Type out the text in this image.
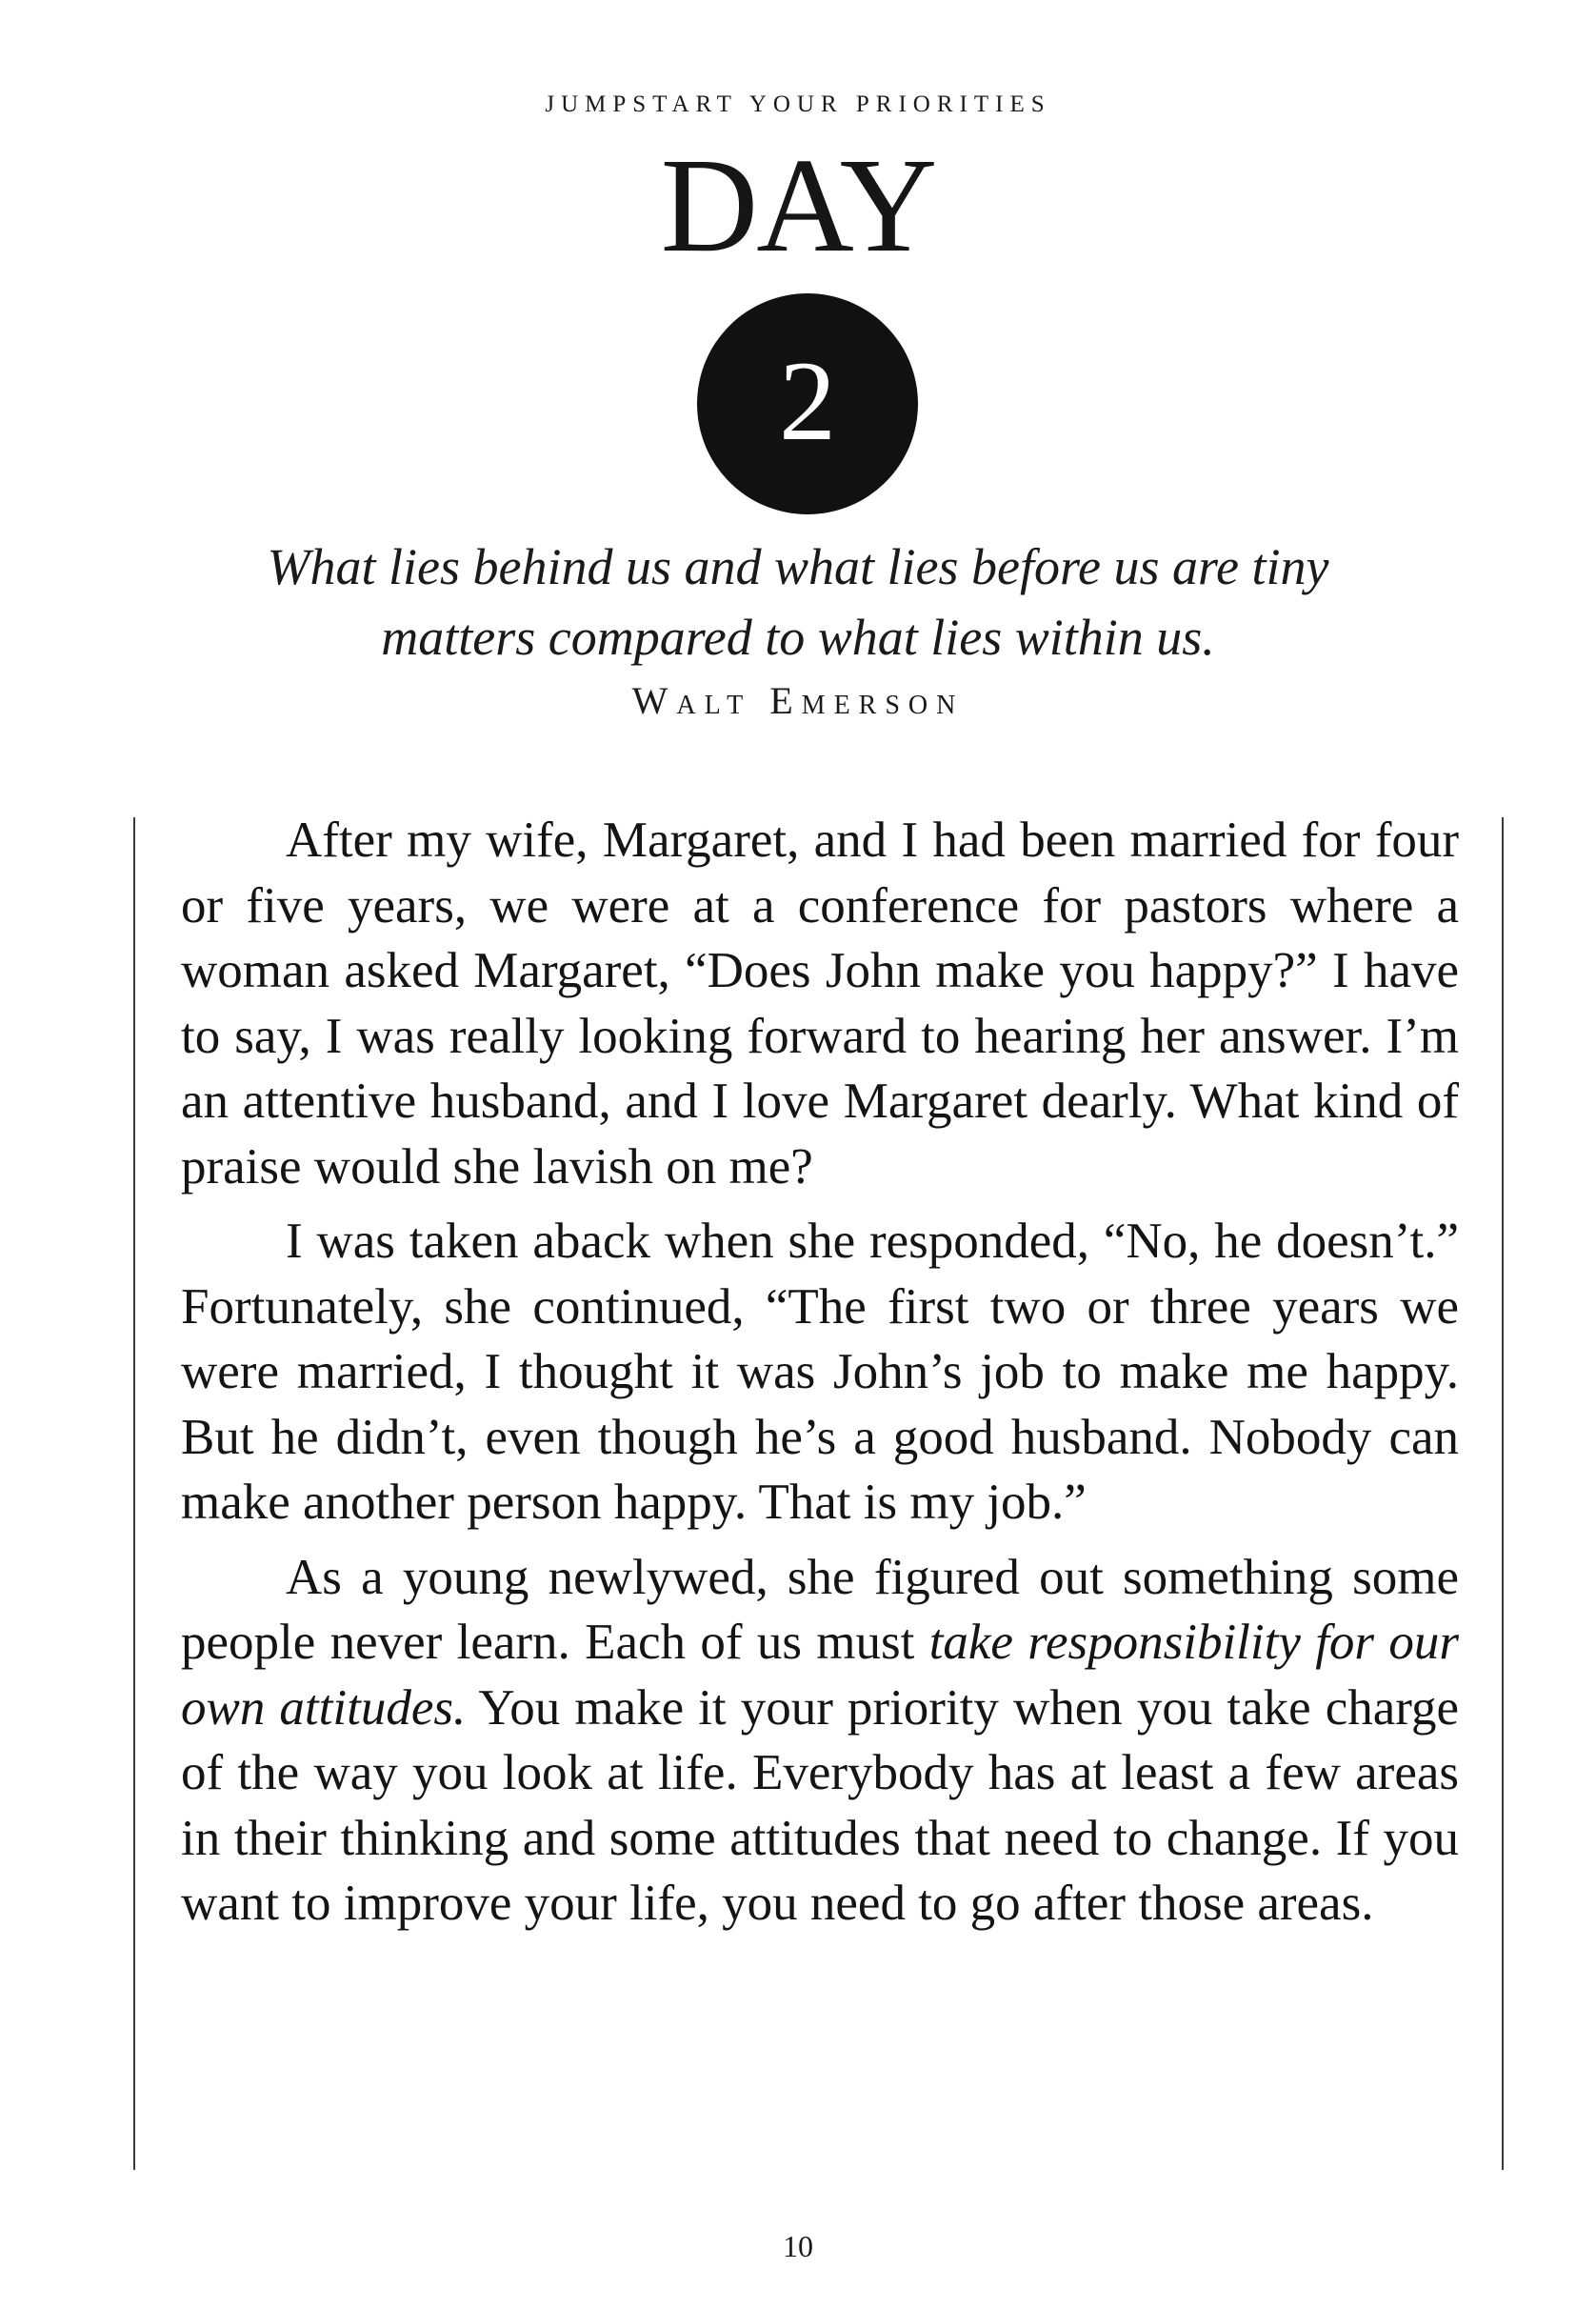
JUMPSTART YOUR PRIORITIES
DAY
2
What lies behind us and what lies before us are tiny matters compared to what lies within us.
Walt Emerson

After my wife, Margaret, and I had been married for four or five years, we were at a conference for pastors where a woman asked Margaret, “Does John make you happy?” I have to say, I was really looking forward to hearing her answer. I’m an attentive husband, and I love Margaret dearly. What kind of praise would she lavish on me?

I was taken aback when she responded, “No, he doesn’t.” Fortunately, she continued, “The first two or three years we were married, I thought it was John’s job to make me happy. But he didn’t, even though he’s a good husband. Nobody can make another person happy. That is my job.”

As a young newlywed, she figured out something some people never learn. Each of us must take responsibility for our own attitudes. You make it your priority when you take charge of the way you look at life. Everybody has at least a few areas in their thinking and some attitudes that need to change. If you want to improve your life, you need to go after those areas.

10
